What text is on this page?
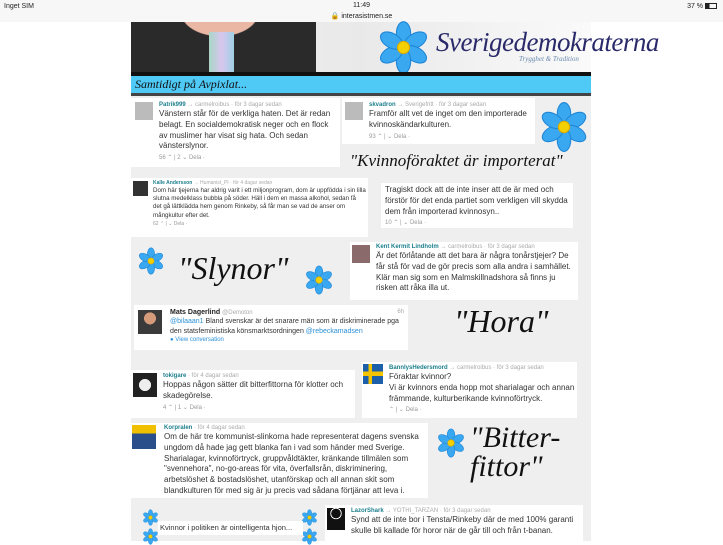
Inget SIM	11:49
🔒 interasistmen.se
37 %
Sverigedemokraterna
Trygghet & Tradition
Samtidigt på Avpixlat...
Patrik999 → carmelroibus · för 3 dagar sedan
Vänstern står för de verkliga haten. Det är redan belagt. En socialdemokratisk neger och en flock av muslimer har visat sig hata. Och sedan vänsterslynor.
56 ⌃ | 2 ⌄ Dela ·
skvadron → Sverigefritt · för 3 dagar sedan
Framför allt vet de inget om den importerade kvinnoskändarkulturen.
93 ⌃ | ⌄ Dela ·
"Kvinnoföraktet är importerat"
Kalle Andersson → Humanist_PI · för 4 dagar sedan
Dom här tjejerna har aldrig varit i ett miljonprogram, dom är uppfödda i sin lilla slutna medelklass bubbla på söder. Häll i dem en massa alkohol, sedan få det gå lättklädda hem genom Rinkeby, så får man se vad de anser om mångkultur efter det.
62 ⌃ | ⌄ Dela ·
Tragiskt dock att de inte inser att de är med och förstör för det enda partiet som verkligen vill skydda dem från importerad kvinnosyn..
10 ⌃ | ⌄ Dela ·
"Slynor"
Kent Kermit Lindholm → carmelroibus · för 3 dagar sedan
Är det förlåtande att det bara är några tonårstjejer? De får stå för vad de gör precis som alla andra i samhället. Klär man sig som en Malmskillnadshora så finns ju risken att råka illa ut.
Mats Dagerlind @Demoton	6h
@bilaaan1 Bland svenskar är det snarare män som är diskriminerade pga den statsfeministiska könsmarktsordningen @rebeckamadsen
● View conversation
"Hora"
tokigare · för 4 dagar sedan
Hoppas någon sätter dit bitterfittorna för klotter och skadegörelse.
4 ⌃ | 1 ⌄ Dela ·
BannlysHedersmord → carmelroibus · för 3 dagar sedan
Föraktar kvinnor?
Vi är kvinnors enda hopp mot sharialagar och annan främmande, kulturberikande kvinnoförtryck.
⌃ | ⌄ Dela ·
Korpralen · för 4 dagar sedan
Om de här tre kommunist-slinkorna hade representerat dagens svenska ungdom då hade jag gett blanka fan i vad som händer med Sverige. Sharialagar, kvinnoförtryck, gruppvåldtäkter, kränkande tillmälen som "svennehora", no-go-areas för vita, överfallsrån, diskriminering, arbetslöshet & bostadslöshet, utanförskap och all annan skit som blandkulturen för med sig är ju precis vad sådana förtjänar att leva i.
"Bitter-
fittor"
Kvinnor i politiken är ointelligenta hjon...
LazorShark → YOTHI_TARZAN · för 3 dagar sedan
Synd att de inte bor i Tensta/Rinkeby där de med 100% garanti skulle bli kallade för horor när de går till och från t-banan.
